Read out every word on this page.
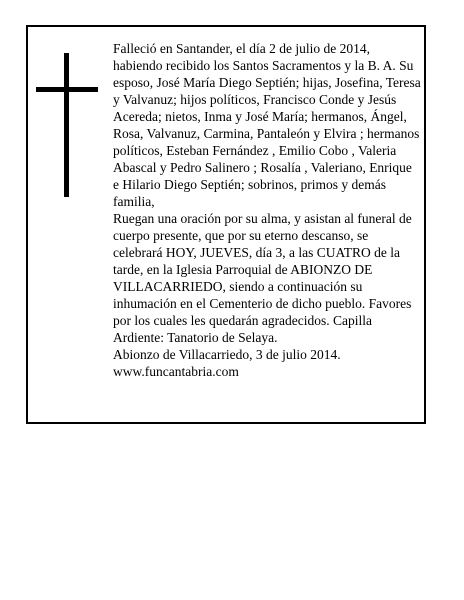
Falleció en Santander, el día 2 de julio de 2014, habiendo recibido los Santos Sacramentos y la B. A. Su esposo, José María Diego Septién; hijas, Josefina, Teresa y Valvanuz; hijos políticos, Francisco Conde y Jesús Acereda; nietos, Inma y José María; hermanos, Ángel, Rosa, Valvanuz, Carmina, Pantaleón y Elvira ; hermanos políticos, Esteban Fernández , Emilio Cobo , Valeria Abascal y Pedro Salinero ; Rosalía , Valeriano, Enrique e Hilario Diego Septién; sobrinos, primos y demás familia,

Ruegan una oración por su alma, y asistan al funeral de cuerpo presente, que por su eterno descanso, se celebrará HOY, JUEVES, día 3, a las CUATRO de la tarde, en la Iglesia Parroquial de ABIONZO DE VILLACARRIEDO, siendo a continuación su inhumación en el Cementerio de dicho pueblo. Favores por los cuales les quedarán agradecidos. Capilla Ardiente: Tanatorio de Selaya.

Abionzo de Villacarriedo, 3 de julio 2014.

www.funcantabria.com
